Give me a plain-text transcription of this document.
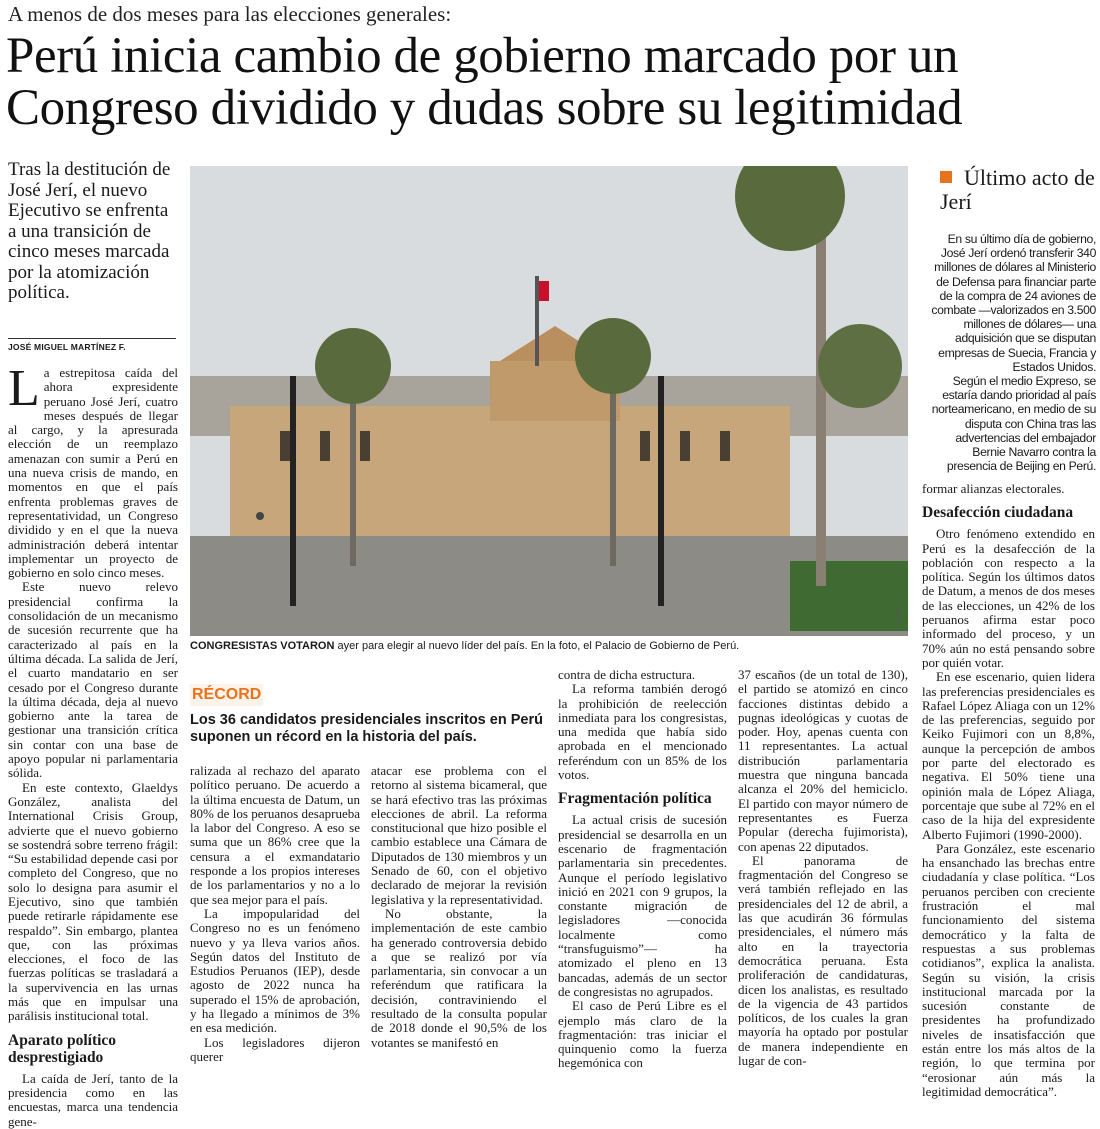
A menos de dos meses para las elecciones generales:
Perú inicia cambio de gobierno marcado por un Congreso dividido y dudas sobre su legitimidad
Tras la destitución de José Jerí, el nuevo Ejecutivo se enfrenta a una transición de cinco meses marcada por la atomización política.
JOSÉ MIGUEL MARTÍNEZ F.
L a estrepitosa caída del ahora expresidente peruano José Jerí, cuatro meses después de llegar al cargo, y la apresurada elección de un reemplazo amenazan con sumir a Perú en una nueva crisis de mando, en momentos en que el país enfrenta problemas graves de representatividad, un Congreso dividido y en el que la nueva administración deberá intentar implementar un proyecto de gobierno en solo cinco meses.

Este nuevo relevo presidencial confirma la consolidación de un mecanismo de sucesión recurrente que ha caracterizado al país en la última década. La salida de Jerí, el cuarto mandatario en ser cesado por el Congreso durante la última década, deja al nuevo gobierno ante la tarea de gestionar una transición crítica sin contar con una base de apoyo popular ni parlamentaria sólida.

En este contexto, Glaeldys González, analista del International Crisis Group, advierte que el nuevo gobierno se sostendrá sobre terreno frágil: “Su estabilidad depende casi por completo del Congreso, que no solo lo designa para asumir el Ejecutivo, sino que también puede retirarle rápidamente ese respaldo”. Sin embargo, plantea que, con las próximas elecciones, el foco de las fuerzas políticas se trasladará a la supervivencia en las urnas más que en impulsar una parálisis institucional total.

Aparato político desprestigiado

La caída de Jerí, tanto de la presidencia como en las encuestas, marca una tendencia gene-

EFE
CONGRESISTAS VOTARON ayer para elegir al nuevo líder del país. En la foto, el Palacio de Gobierno de Perú.
RÉCORD
Los 36 candidatos presidenciales inscritos en Perú suponen un récord en la historia del país.

ralizada al rechazo del aparato político peruano. De acuerdo a la última encuesta de Datum, un 80% de los peruanos desaprueba la labor del Congreso. A eso se suma que un 86% cree que la censura a el exmandatario responde a los propios intereses de los parlamentarios y no a lo que sea mejor para el país.

La impopularidad del Congreso no es un fenómeno nuevo y ya lleva varios años. Según datos del Instituto de Estudios Peruanos (IEP), desde agosto de 2022 nunca ha superado el 15% de aprobación, y ha llegado a mínimos de 3% en esa medición.

Los legisladores dijeron querer

atacar ese problema con el retorno al sistema bicameral, que se hará efectivo tras las próximas elecciones de abril. La reforma constitucional que hizo posible el cambio establece una Cámara de Diputados de 130 miembros y un Senado de 60, con el objetivo declarado de mejorar la revisión legislativa y la representatividad.

No obstante, la implementación de este cambio ha generado controversia debido a que se realizó por vía parlamentaria, sin convocar a un referéndum que ratificara la decisión, contraviniendo el resultado de la consulta popular de 2018 donde el 90,5% de los votantes se manifestó en

contra de dicha estructura.

La reforma también derogó la prohibición de reelección inmediata para los congresistas, una medida que había sido aprobada en el mencionado referéndum con un 85% de los votos.

Fragmentación política

La actual crisis de sucesión presidencial se desarrolla en un escenario de fragmentación parlamentaria sin precedentes. Aunque el período legislativo inició en 2021 con 9 grupos, la constante migración de legisladores —conocida localmente como “transfuguismo”— ha atomizado el pleno en 13 bancadas, además de un sector de congresistas no agrupados.

El caso de Perú Libre es el ejemplo más claro de la fragmentación: tras iniciar el quinquenio como la fuerza hegemónica con

37 escaños (de un total de 130), el partido se atomizó en cinco facciones distintas debido a pugnas ideológicas y cuotas de poder. Hoy, apenas cuenta con 11 representantes. La actual distribución parlamentaria muestra que ninguna bancada alcanza el 20% del hemiciclo. El partido con mayor número de representantes es Fuerza Popular (derecha fujimorista), con apenas 22 diputados.

El panorama de fragmentación del Congreso se verá también reflejado en las presidenciales del 12 de abril, a las que acudirán 36 fórmulas presidenciales, el número más alto en la trayectoria democrática peruana. Esta proliferación de candidaturas, dicen los analistas, es resultado de la vigencia de 43 partidos políticos, de los cuales la gran mayoría ha optado por postular de manera independiente en lugar de con-

Último acto de Jerí

En su último día de gobierno, José Jerí ordenó transferir 340 millones de dólares al Ministerio de Defensa para financiar parte de la compra de 24 aviones de combate —valorizados en 3.500 millones de dólares— una adquisición que se disputan empresas de Suecia, Francia y Estados Unidos.

Según el medio Expreso, se estaría dando prioridad al país norteamericano, en medio de su disputa con China tras las advertencias del embajador Bernie Navarro contra la presencia de Beijing en Perú.

formar alianzas electorales.

Desafección ciudadana

Otro fenómeno extendido en Perú es la desafección de la población con respecto a la política. Según los últimos datos de Datum, a menos de dos meses de las elecciones, un 42% de los peruanos afirma estar poco informado del proceso, y un 70% aún no está pensando sobre por quién votar.

En ese escenario, quien lidera las preferencias presidenciales es Rafael López Aliaga con un 12% de las preferencias, seguido por Keiko Fujimori con un 8,8%, aunque la percepción de ambos por parte del electorado es negativa. El 50% tiene una opinión mala de López Aliaga, porcentaje que sube al 72% en el caso de la hija del expresidente Alberto Fujimori (1990-2000).

Para González, este escenario ha ensanchado las brechas entre ciudadanía y clase política. “Los peruanos perciben con creciente frustración el mal funcionamiento del sistema democrático y la falta de respuestas a sus problemas cotidianos”, explica la analista. Según su visión, la crisis institucional marcada por la sucesión constante de presidentes ha profundizado niveles de insatisfacción que están entre los más altos de la región, lo que termina por “erosionar aún más la legitimidad democrática”.
